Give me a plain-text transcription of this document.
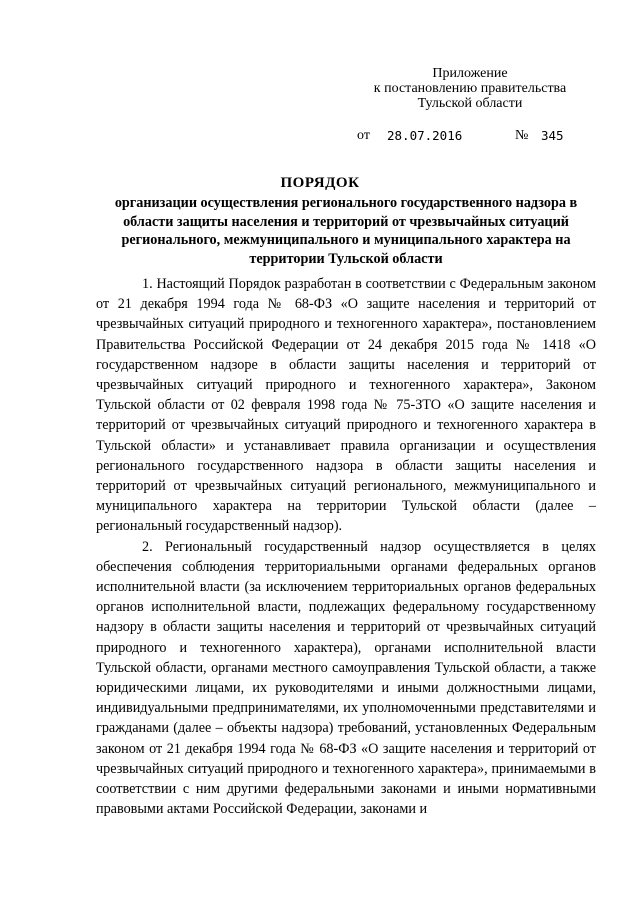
Приложение
к постановлению правительства
Тульской области
от 28.07.2016	№ 345
ПОРЯДОК
организации осуществления регионального государственного надзора в области защиты населения и территорий от чрезвычайных ситуаций регионального, межмуниципального и муниципального характера на территории Тульской области

1. Настоящий Порядок разработан в соответствии с Федеральным законом от 21 декабря 1994 года № 68-ФЗ «О защите населения и территорий от чрезвычайных ситуаций природного и техногенного характера», постановлением Правительства Российской Федерации от 24 декабря 2015 года № 1418 «О государственном надзоре в области защиты населения и территорий от чрезвычайных ситуаций природного и техногенного характера», Законом Тульской области от 02 февраля 1998 года № 75-ЗТО «О защите населения и территорий от чрезвычайных ситуаций природного и техногенного характера в Тульской области» и устанавливает правила организации и осуществления регионального государственного надзора в области защиты населения и территорий от чрезвычайных ситуаций регионального, межмуниципального и муниципального характера на территории Тульской области (далее – региональный государственный надзор).

2. Региональный государственный надзор осуществляется в целях обеспечения соблюдения территориальными органами федеральных органов исполнительной власти (за исключением территориальных органов федеральных органов исполнительной власти, подлежащих федеральному государственному надзору в области защиты населения и территорий от чрезвычайных ситуаций природного и техногенного характера), органами исполнительной власти Тульской области, органами местного самоуправления Тульской области, а также юридическими лицами, их руководителями и иными должностными лицами, индивидуальными предпринимателями, их уполномоченными представителями и гражданами (далее – объекты надзора) требований, установленных Федеральным законом от 21 декабря 1994 года № 68-ФЗ «О защите населения и территорий от чрезвычайных ситуаций природного и техногенного характера», принимаемыми в соответствии с ним другими федеральными законами и иными нормативными правовыми актами Российской Федерации, законами и
